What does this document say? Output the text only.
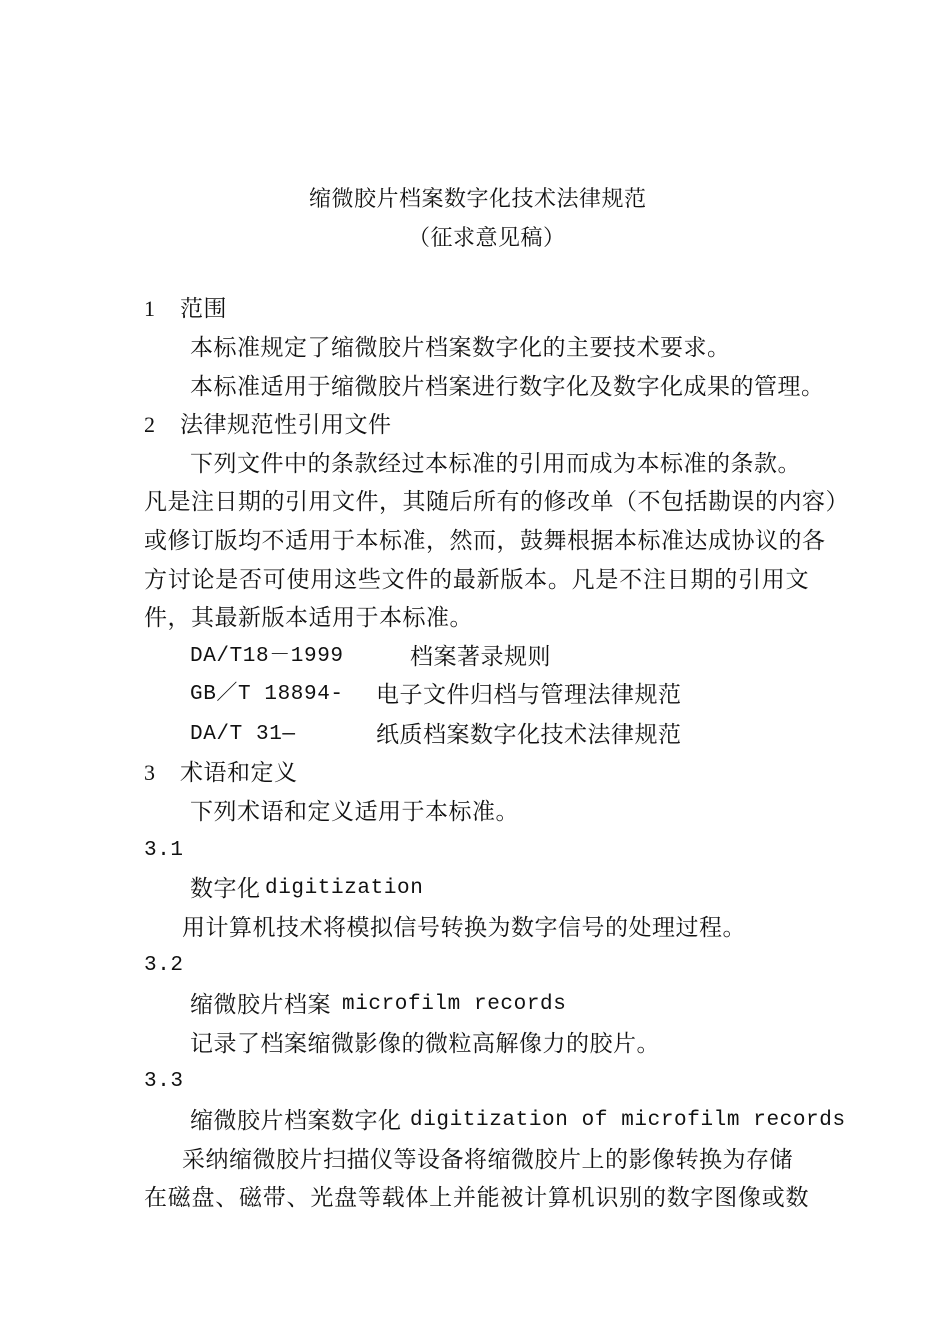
缩微胶片档案数字化技术法律规范
（征求意见稿）
1 范围
本标准规定了缩微胶片档案数字化的主要技术要求。
本标准适用于缩微胶片档案进行数字化及数字化成果的管理。
2 法律规范性引用文件
下列文件中的条款经过本标准的引用而成为本标准的条款。
凡是注日期的引用文件，其随后所有的修改单（不包括勘误的内容）
或修订版均不适用于本标准，然而，鼓舞根据本标准达成协议的各
方讨论是否可使用这些文件的最新版本。凡是不注日期的引用文
件，其最新版本适用于本标准。
DA/T18－1999	档案著录规则
GB／T 18894- 电子文件归档与管理法律规范
DA/T 31—	纸质档案数字化技术法律规范
3 术语和定义
下列术语和定义适用于本标准。
3.1
数字化 digitization
用计算机技术将模拟信号转换为数字信号的处理过程。
3.2
缩微胶片档案 microfilm records
记录了档案缩微影像的微粒高解像力的胶片。
3.3
缩微胶片档案数字化 digitization of microfilm records
采纳缩微胶片扫描仪等设备将缩微胶片上的影像转换为存储
在磁盘、磁带、光盘等载体上并能被计算机识别的数字图像或数
